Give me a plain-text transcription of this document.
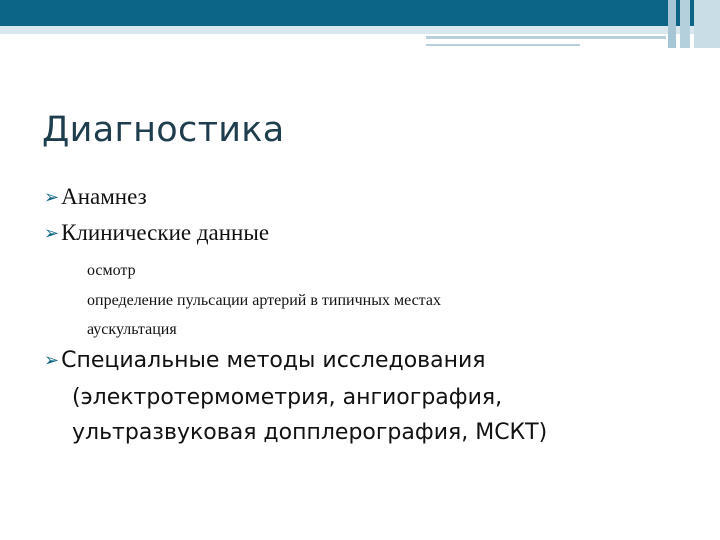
Диагностика
➢ Анамнез
➢ Клинические данные
осмотр
определение пульсации артерий в типичных местах
аускультация
➢ Специальные методы исследования
(электротермометрия, ангиография,
ультразвуковая допплерография, МСКТ)
